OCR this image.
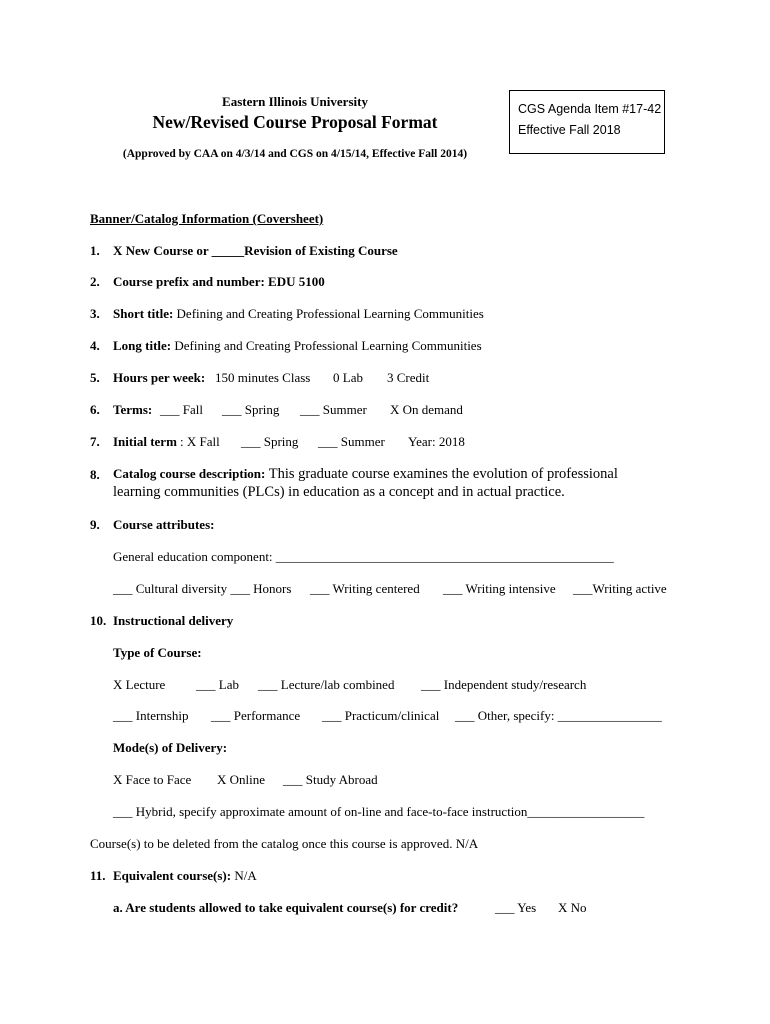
Eastern Illinois University
New/Revised Course Proposal Format
(Approved by CAA on 4/3/14 and CGS on 4/15/14, Effective Fall 2014)
CGS Agenda Item #17-42
Effective Fall 2018
Banner/Catalog Information (Coversheet)
1. X New Course or _____Revision of Existing Course
2. Course prefix and number: EDU 5100
3. Short title: Defining and Creating Professional Learning Communities
4. Long title: Defining and Creating Professional Learning Communities
5. Hours per week: 150 minutes Class 0 Lab 3 Credit
6. Terms: ___ Fall ___ Spring ___ Summer X On demand
7. Initial term : X Fall ___ Spring ___ Summer Year: 2018
8. Catalog course description: This graduate course examines the evolution of professional
learning communities (PLCs) in education as a concept and in actual practice.
9. Course attributes:
General education component: ____________________________________________________
___ Cultural diversity ___ Honors ___ Writing centered ___ Writing intensive ___Writing active
10. Instructional delivery
Type of Course:
X Lecture ___ Lab ___ Lecture/lab combined ___ Independent study/research
___ Internship ___ Performance ___ Practicum/clinical ___ Other, specify: ________________
Mode(s) of Delivery:
X Face to Face X Online ___ Study Abroad
___ Hybrid, specify approximate amount of on-line and face-to-face instruction__________________
Course(s) to be deleted from the catalog once this course is approved. N/A
11. Equivalent course(s): N/A
a. Are students allowed to take equivalent course(s) for credit?	___ Yes X No
